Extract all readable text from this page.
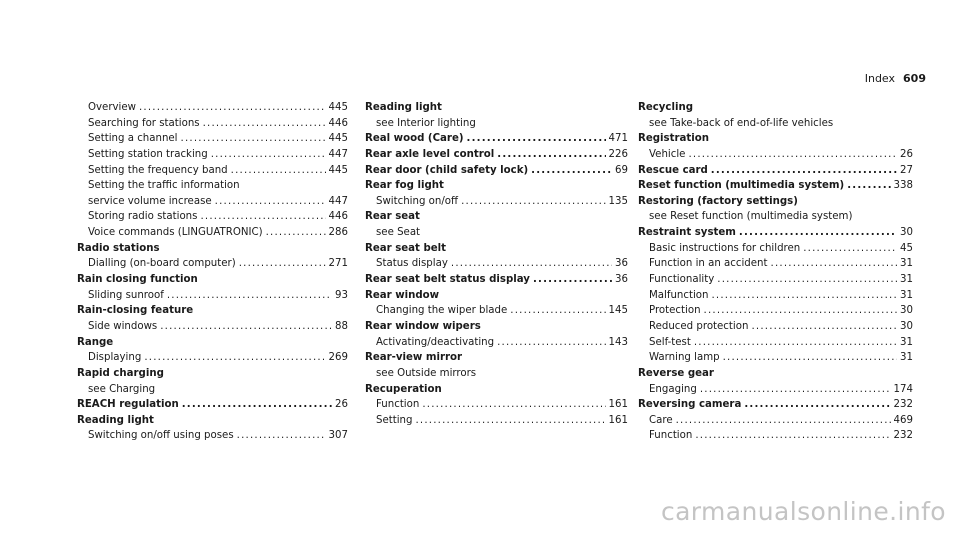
Index 609
Overview .....	445
Searching for stations .....	446
Setting a channel .....	445
Setting station tracking .....	447
Setting the frequency band .....	445
Setting the traffic information
service volume increase .....	447
Storing radio stations .....	446
Voice commands (LINGUATRONIC) .....	286
Radio stations
Dialling (on-board computer) .....	271
Rain closing function
Sliding sunroof .....	93
Rain-closing feature
Side windows .....	88
Range
Displaying .....	269
Rapid charging
see Charging
REACH regulation .....	26
Reading light
Switching on/off using poses .....	307
Reading light
see Interior lighting
Real wood (Care) .....	471
Rear axle level control .....	226
Rear door (child safety lock) .....	69
Rear fog light
Switching on/off .....	135
Rear seat
see Seat
Rear seat belt
Status display .....	36
Rear seat belt status display .....	36
Rear window
Changing the wiper blade .....	145
Rear window wipers
Activating/deactivating .....	143
Rear-view mirror
see Outside mirrors
Recuperation
Function .....	161
Setting .....	161
Recycling
see Take-back of end-of-life vehicles
Registration
Vehicle .....	26
Rescue card .....	27
Reset function (multimedia system) .....	338
Restoring (factory settings)
see Reset function (multimedia system)
Restraint system .....	30
Basic instructions for children .....	45
Function in an accident .....	31
Functionality .....	31
Malfunction .....	31
Protection .....	30
Reduced protection .....	30
Self-test .....	31
Warning lamp .....	31
Reverse gear
Engaging .....	174
Reversing camera .....	232
Care .....	469
Function .....	232
carmanualsonline.info
